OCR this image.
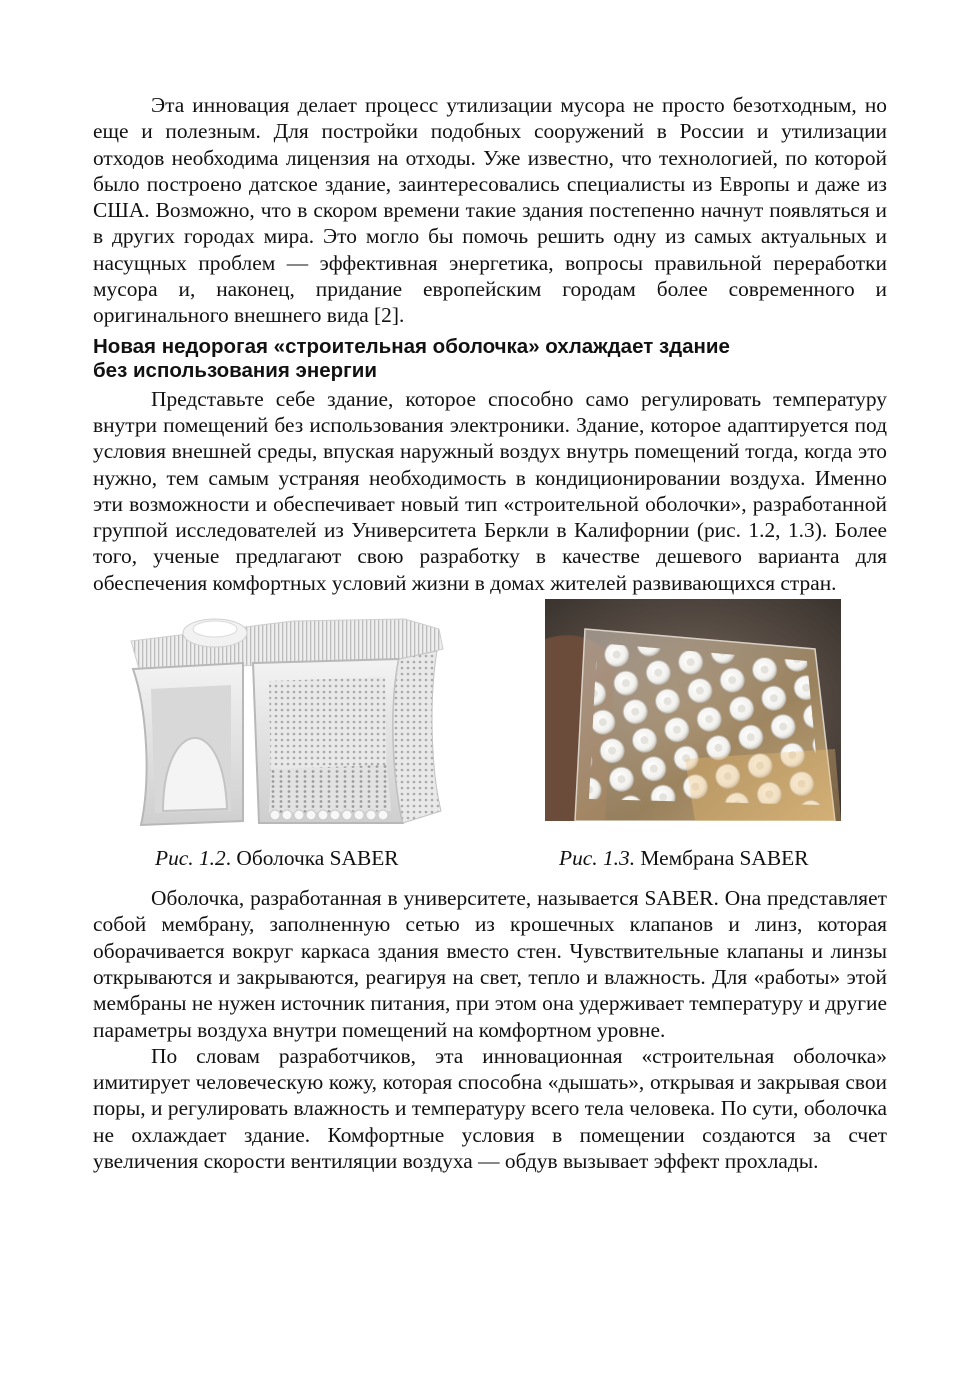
Эта инновация делает процесс утилизации мусора не просто безотходным, но еще и полезным. Для постройки подобных сооружений в России и утилизации отходов необходима лицензия на отходы. Уже известно, что технологией, по которой было построено датское здание, заинтересовались специалисты из Европы и даже из США. Возможно, что в скором времени такие здания постепенно начнут появляться и в других городах мира. Это могло бы помочь решить одну из самых актуальных и насущных проблем — эффективная энергетика, вопросы правильной переработки мусора и, наконец, придание европейским городам более современного и оригинального внешнего вида [2].

Новая недорогая «строительная оболочка» охлаждает здание
без использования энергии

Представьте себе здание, которое способно само регулировать температуру внутри помещений без использования электроники. Здание, которое адаптируется под условия внешней среды, впуская наружный воздух внутрь помещений тогда, когда это нужно, тем самым устраняя необходимость в кондиционировании воздуха. Именно эти возможности и обеспечивает новый тип «строительной оболочки», разработанной группой исследователей из Университета Беркли в Калифорнии (рис. 1.2, 1.3). Более того, ученые предлагают свою разработку в качестве дешевого варианта для обеспечения комфортных условий жизни в домах жителей развивающихся стран.

Рис. 1.2. Оболочка SABER	Рис. 1.3. Мембрана SABER

Оболочка, разработанная в университете, называется SABER. Она представляет собой мембрану, заполненную сетью из крошечных клапанов и линз, которая оборачивается вокруг каркаса здания вместо стен. Чувствительные клапаны и линзы открываются и закрываются, реагируя на свет, тепло и влажность. Для «работы» этой мембраны не нужен источник питания, при этом она удерживает температуру и другие параметры воздуха внутри помещений на комфортном уровне.

По словам разработчиков, эта инновационная «строительная оболочка» имитирует человеческую кожу, которая способна «дышать», открывая и закрывая свои поры, и регулировать влажность и температуру всего тела человека. По сути, оболочка не охлаждает здание. Комфортные условия в помещении создаются за счет увеличения скорости вентиляции воздуха — обдув вызывает эффект прохлады.
